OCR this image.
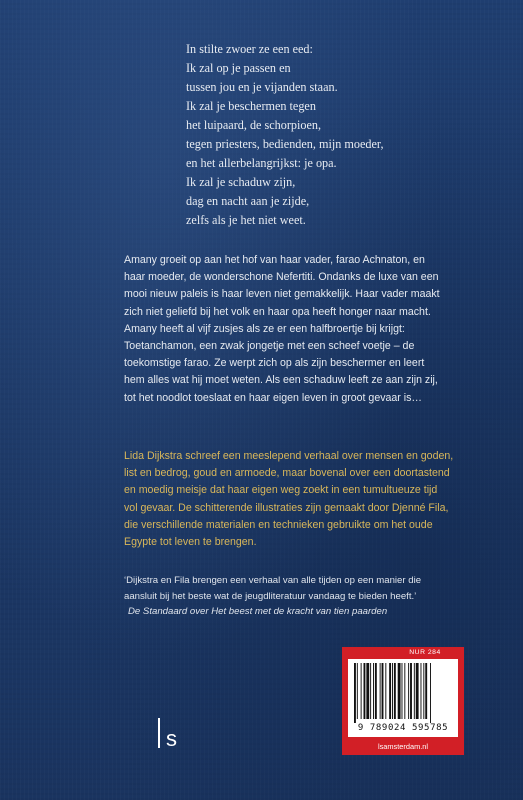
In stilte zwoer ze een eed:
Ik zal op je passen en
tussen jou en je vijanden staan.
Ik zal je beschermen tegen
het luipaard, de schorpioen,
tegen priesters, bedienden, mijn moeder,
en het allerbelangrijkst: je opa.
Ik zal je schaduw zijn,
dag en nacht aan je zijde,
zelfs als je het niet weet.
Amany groeit op aan het hof van haar vader, farao Achnaton, en
haar moeder, de wonderschone Nefertiti. Ondanks de luxe van een
mooi nieuw paleis is haar leven niet gemakkelijk. Haar vader maakt
zich niet geliefd bij het volk en haar opa heeft honger naar macht.
Amany heeft al vijf zusjes als ze er een halfbroertje bij krijgt:
Toetanchamon, een zwak jongetje met een scheef voetje – de
toekomstige farao. Ze werpt zich op als zijn beschermer en leert
hem alles wat hij moet weten. Als een schaduw leeft ze aan zijn zij,
tot het noodlot toeslaat en haar eigen leven in groot gevaar is…
Lida Dijkstra schreef een meeslepend verhaal over mensen en goden,
list en bedrog, goud en armoede, maar bovenal over een doortastend
en moedig meisje dat haar eigen weg zoekt in een tumultueuze tijd
vol gevaar. De schitterende illustraties zijn gemaakt door Djenné Fila,
die verschillende materialen en technieken gebruikte om het oude
Egypte tot leven te brengen.
‘Dijkstra en Fila brengen een verhaal van alle tijden op een manier die
aansluit bij het beste wat de jeugdliteratuur vandaag te bieden heeft.’
De Standaard over Het beest met de kracht van tien paarden
s
NUR 284
9 789024 595785
lsamsterdam.nl
